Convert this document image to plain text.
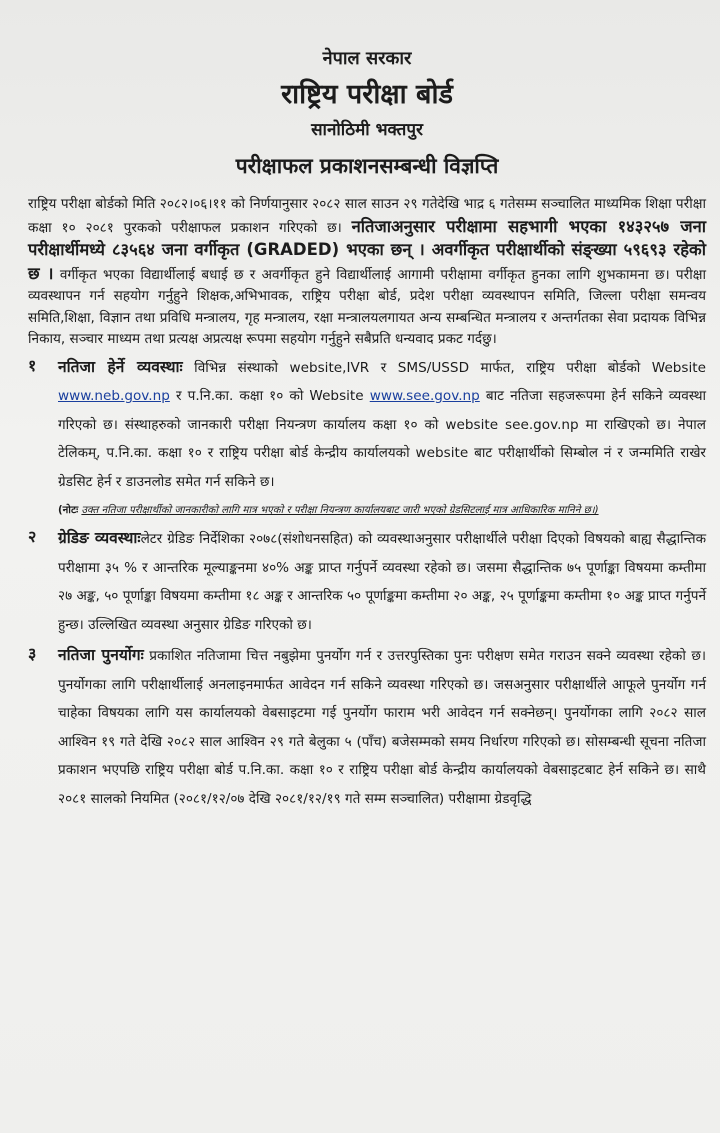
नेपाल सरकार
राष्ट्रिय परीक्षा बोर्ड
सानोठिमी भक्तपुर
परीक्षाफल प्रकाशनसम्बन्धी विज्ञप्ति

राष्ट्रिय परीक्षा बोर्डको मिति २०८२।०६।११ को निर्णयानुसार २०८२ साल साउन २९ गतेदेखि भाद्र ६ गतेसम्म सञ्चालित माध्यमिक शिक्षा परीक्षा कक्षा १० २०८१ पुरकको परीक्षाफल प्रकाशन गरिएको छ। नतिजाअनुसार परीक्षामा सहभागी भएका १४३२५७ जना परीक्षार्थीमध्ये ८३५६४ जना वर्गीकृत (GRADED) भएका छन् । अवर्गीकृत परीक्षार्थीको संङ्ख्या ५९६९३ रहेको छ । वर्गीकृत भएका विद्यार्थीलाई बधाई छ र अवर्गीकृत हुने विद्यार्थीलाई आगामी परीक्षामा वर्गीकृत हुनका लागि शुभकामना छ। परीक्षा व्यवस्थापन गर्न सहयोग गर्नुहुने शिक्षक,अभिभावक, राष्ट्रिय परीक्षा बोर्ड, प्रदेश परीक्षा व्यवस्थापन समिति, जिल्ला परीक्षा समन्वय समिति,शिक्षा, विज्ञान तथा प्रविधि मन्त्रालय, गृह मन्त्रालय, रक्षा मन्त्रालयलगायत अन्य सम्बन्धित मन्त्रालय र अन्तर्गतका सेवा प्रदायक विभिन्न निकाय, सञ्चार माध्यम तथा प्रत्यक्ष अप्रत्यक्ष रूपमा सहयोग गर्नुहुने सबैप्रति धन्यवाद प्रकट गर्दछु।

१	नतिजा हेर्ने व्यवस्थाः विभिन्न संस्थाको website,IVR र SMS/USSD मार्फत, राष्ट्रिय परीक्षा बोर्डको Website www.neb.gov.np र प.नि.का. कक्षा १० को Website www.see.gov.np बाट नतिजा सहजरूपमा हेर्न सकिने व्यवस्था गरिएको छ। संस्थाहरुको जानकारी परीक्षा नियन्त्रण कार्यालय कक्षा १० को website see.gov.np मा राखिएको छ। नेपाल टेलिकम्, प.नि.का. कक्षा १० र राष्ट्रिय परीक्षा बोर्ड केन्द्रीय कार्यालयको website बाट परीक्षार्थीको सिम्बोल नं र जन्ममिति राखेर ग्रेडसिट हेर्न र डाउनलोड समेत गर्न सकिने छ।
(नोटः उक्त नतिजा परीक्षार्थीको जानकारीको लागि मात्र भएको र परीक्षा नियन्त्रण कार्यालयबाट जारी भएको ग्रेडसिटलाई मात्र आधिकारिक मानिने छ।)
२	ग्रेडिङ व्यवस्थाःलेटर ग्रेडिङ निर्देशिका २०७८(संशोधनसहित) को व्यवस्थाअनुसार परीक्षार्थीले परीक्षा दिएको विषयको बाह्य सैद्धान्तिक परीक्षामा ३५ % र आन्तरिक मूल्याङ्कनमा ४०% अङ्क प्राप्त गर्नुपर्ने व्यवस्था रहेको छ। जसमा सैद्धान्तिक ७५ पूर्णाङ्का विषयमा कम्तीमा २७ अङ्क, ५० पूर्णाङ्का विषयमा कम्तीमा १८ अङ्क र आन्तरिक ५० पूर्णाङ्कमा कम्तीमा २० अङ्क, २५ पूर्णाङ्कमा कम्तीमा १० अङ्क प्राप्त गर्नुपर्ने हुन्छ। उल्लिखित व्यवस्था अनुसार ग्रेडिङ गरिएको छ।
३	नतिजा पुनर्योगः प्रकाशित नतिजामा चित्त नबुझेमा पुनर्योग गर्न र उत्तरपुस्तिका पुनः परीक्षण समेत गराउन सक्ने व्यवस्था रहेको छ। पुनर्योगका लागि परीक्षार्थीलाई अनलाइनमार्फत आवेदन गर्न सकिने व्यवस्था गरिएको छ। जसअनुसार परीक्षार्थीले आफूले पुनर्योग गर्न चाहेका विषयका लागि यस कार्यालयको वेबसाइटमा गई पुनर्योग फाराम भरी आवेदन गर्न सक्नेछन्। पुनर्योगका लागि २०८२ साल आश्विन १९ गते देखि २०८२ साल आश्विन २९ गते बेलुका ५ (पाँच) बजेसम्मको समय निर्धारण गरिएको छ। सोसम्बन्धी सूचना नतिजा प्रकाशन भएपछि राष्ट्रिय परीक्षा बोर्ड प.नि.का. कक्षा १० र राष्ट्रिय परीक्षा बोर्ड केन्द्रीय कार्यालयको वेबसाइटबाट हेर्न सकिने छ। साथै २०८१ सालको नियमित (२०८१/१२/०७ देखि २०८१/१२/१९ गते सम्म सञ्चालित) परीक्षामा ग्रेडवृद्धि
